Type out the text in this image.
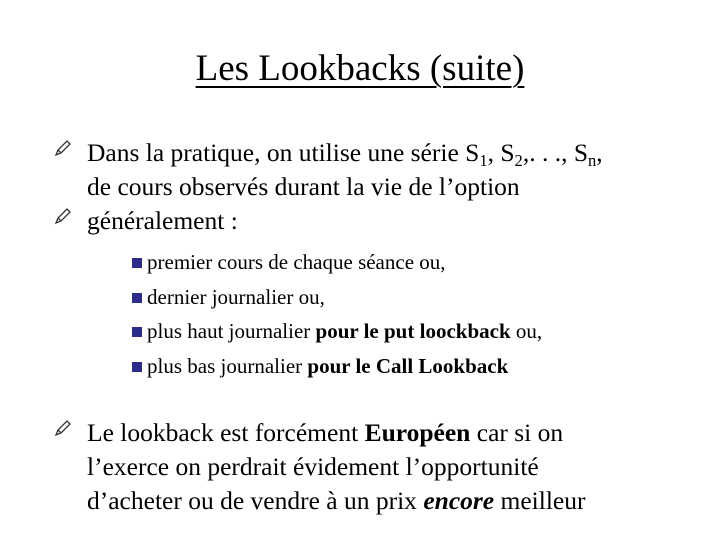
Les Lookbacks (suite)
Dans la pratique, on utilise une série $S_1$, $S_2$,. . ., $S_n$,
de cours observés durant la vie de l’option
généralement :
premier cours de chaque séance ou,
dernier journalier ou,
plus haut journalier pour le put loockback ou,
plus bas journalier pour le Call Lookback
Le lookback est forcément Européen car si on
l’exerce on perdrait évidement l’opportunité
d’acheter ou de vendre à un prix encore meilleur
